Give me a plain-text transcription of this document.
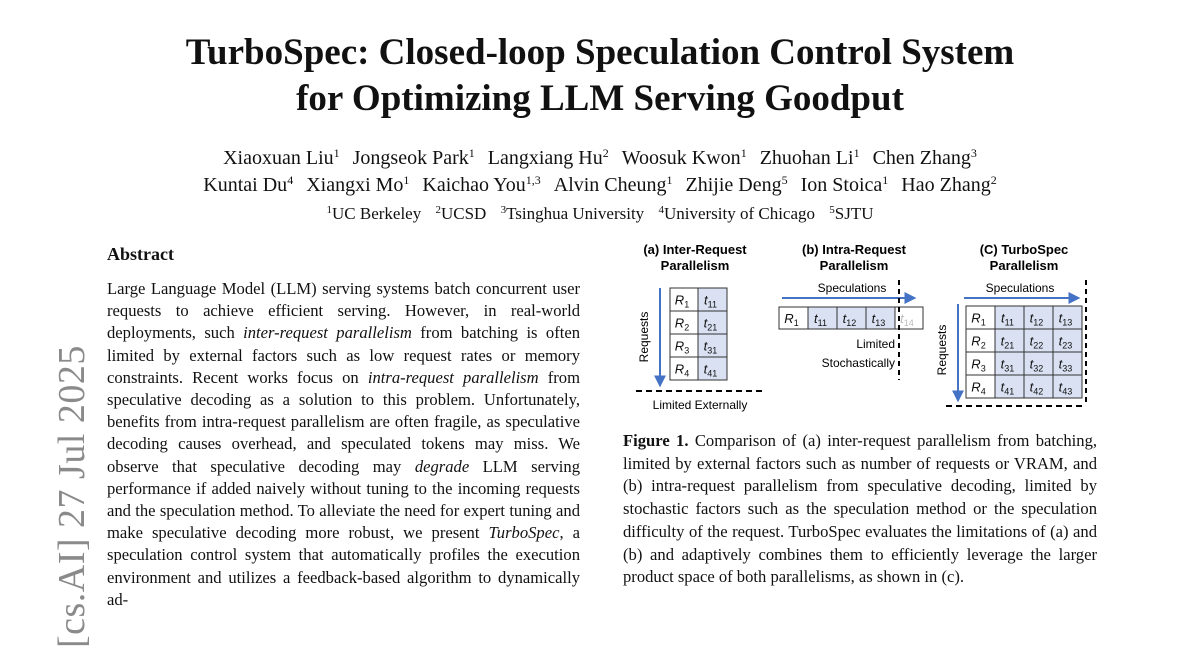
TurboSpec: Closed-loop Speculation Control System
for Optimizing LLM Serving Goodput
Xiaoxuan Liu$^1$ Jongseok Park$^1$ Langxiang Hu$^2$ Woosuk Kwon$^1$ Zhuohan Li$^1$ Chen Zhang$^3$
Kuntai Du$^4$ Xiangxi Mo$^1$ Kaichao You$^{1,3}$ Alvin Cheung$^1$ Zhijie Deng$^5$ Ion Stoica$^1$ Hao Zhang$^2$
$^1$UC Berkeley $^2$UCSD $^3$Tsinghua University $^4$University of Chicago $^5$SJTU
[cs.AI] 27 Jul 2025
Abstract
Large Language Model (LLM) serving systems batch concurrent user requests to achieve efficient serving. However, in real-world deployments, such inter-request parallelism from batching is often limited by external factors such as low request rates or memory constraints. Recent works focus on intra-request parallelism from speculative decoding as a solution to this problem. Unfortunately, benefits from intra-request parallelism are often fragile, as speculative decoding causes overhead, and speculated tokens may miss. We observe that speculative decoding may degrade LLM serving performance if added naively without tuning to the incoming requests and the speculation method. To alleviate the need for expert tuning and make speculative decoding more robust, we present TurboSpec, a speculation control system that automatically profiles the execution environment and utilizes a feedback-based algorithm to dynamically ad-
(a) Inter-Request
Parallelism
Requests
$R_1$ $t_{11}$
$R_2$ $t_{21}$
$R_3$ $t_{31}$
$R_4$ $t_{41}$
Limited Externally
(b) Intra-Request
Parallelism
Speculations
$R_1$ $t_{11}$ $t_{12}$ $t_{13}$ $t_{14}$
Limited
Stochastically
(C) TurboSpec
Parallelism
Speculations
Requests
$R_1$ $t_{11}$ $t_{12}$ $t_{13}$
$R_2$ $t_{21}$ $t_{22}$ $t_{23}$
$R_3$ $t_{31}$ $t_{32}$ $t_{33}$
$R_4$ $t_{41}$ $t_{42}$ $t_{43}$
Figure 1. Comparison of (a) inter-request parallelism from batching, limited by external factors such as number of requests or VRAM, and (b) intra-request parallelism from speculative decoding, limited by stochastic factors such as the speculation method or the speculation difficulty of the request. TurboSpec evaluates the limitations of (a) and (b) and adaptively combines them to efficiently leverage the larger product space of both parallelisms, as shown in (c).
